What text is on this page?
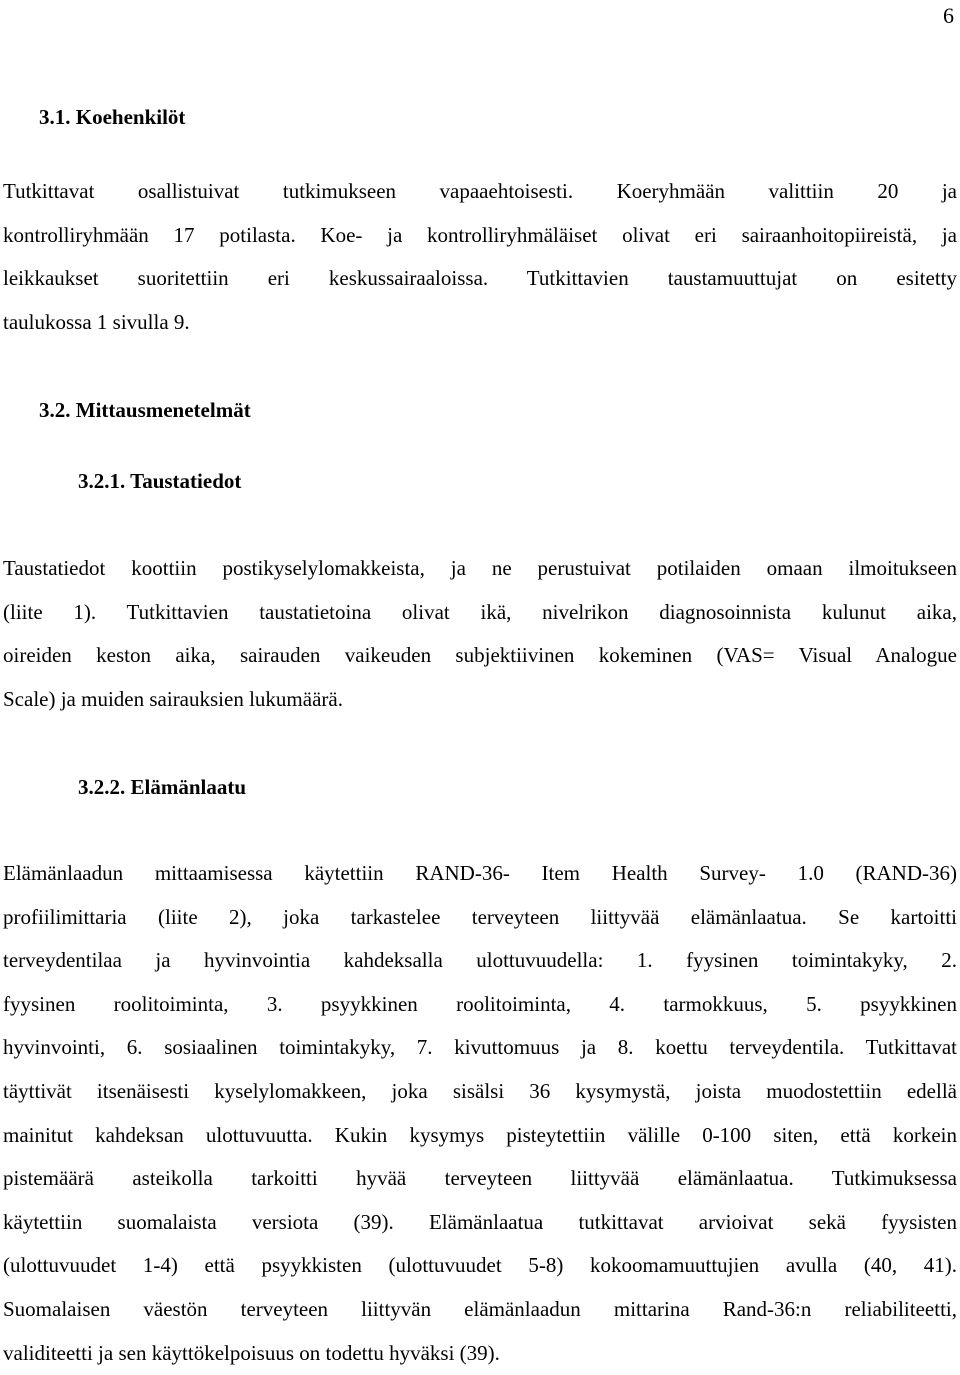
6
3.1. Koehenkilöt
Tutkittavat osallistuivat tutkimukseen vapaaehtoisesti. Koeryhmään valittiin 20 ja
kontrolliryhmään 17 potilasta. Koe- ja kontrolliryhmäläiset olivat eri sairaanhoitopiireistä, ja
leikkaukset suoritettiin eri keskussairaaloissa. Tutkittavien taustamuuttujat on esitetty
taulukossa 1 sivulla 9.
3.2. Mittausmenetelmät
3.2.1. Taustatiedot
Taustatiedot koottiin postikyselylomakkeista, ja ne perustuivat potilaiden omaan ilmoitukseen
(liite 1). Tutkittavien taustatietoina olivat ikä, nivelrikon diagnosoinnista kulunut aika,
oireiden keston aika, sairauden vaikeuden subjektiivinen kokeminen (VAS= Visual Analogue
Scale) ja muiden sairauksien lukumäärä.
3.2.2. Elämänlaatu
Elämänlaadun mittaamisessa käytettiin RAND-36- Item Health Survey- 1.0 (RAND-36)
profiilimittaria (liite 2), joka tarkastelee terveyteen liittyvää elämänlaatua. Se kartoitti
terveydentilaa ja hyvinvointia kahdeksalla ulottuvuudella: 1. fyysinen toimintakyky, 2.
fyysinen roolitoiminta, 3. psyykkinen roolitoiminta, 4. tarmokkuus, 5. psyykkinen
hyvinvointi, 6. sosiaalinen toimintakyky, 7. kivuttomuus ja 8. koettu terveydentila. Tutkittavat
täyttivät itsenäisesti kyselylomakkeen, joka sisälsi 36 kysymystä, joista muodostettiin edellä
mainitut kahdeksan ulottuvuutta. Kukin kysymys pisteytettiin välille 0-100 siten, että korkein
pistemäärä asteikolla tarkoitti hyvää terveyteen liittyvää elämänlaatua. Tutkimuksessa
käytettiin suomalaista versiota (39). Elämänlaatua tutkittavat arvioivat sekä fyysisten
(ulottuvuudet 1-4) että psyykkisten (ulottuvuudet 5-8) kokoomamuuttujien avulla (40, 41).
Suomalaisen väestön terveyteen liittyvän elämänlaadun mittarina Rand-36:n reliabiliteetti,
validiteetti ja sen käyttökelpoisuus on todettu hyväksi (39).
